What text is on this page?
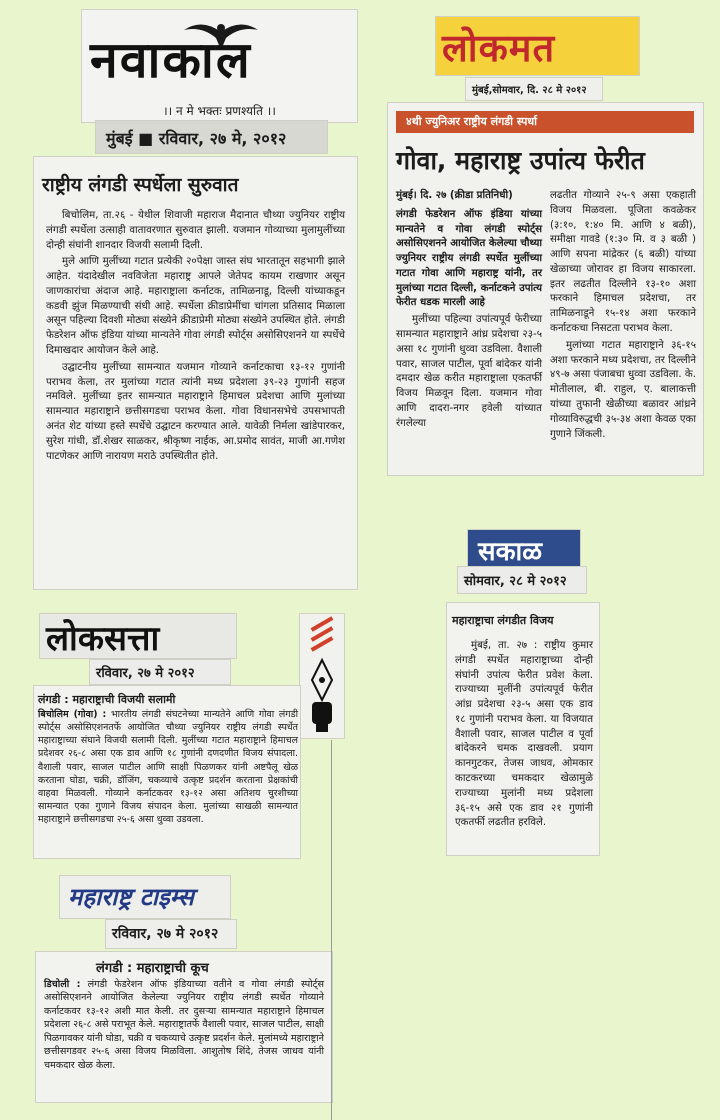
नवाकाल
।। न मे भक्तः प्रणश्यति ।।
मुंबई ■ रविवार, २७ मे, २०१२
राष्ट्रीय लंगडी स्पर्धेला सुरुवात

बिचोलिम, ता.२६ - येथील शिवाजी महाराज मैदानात चौथ्या ज्युनियर राष्ट्रीय लंगडी स्पर्धेला उत्साही वातावरणात सुरुवात झाली. यजमान गोव्याच्या मुलामुलींच्या दोन्ही संघांनी शानदार विजयी सलामी दिली.

मुले आणि मुलींच्या गटात प्रत्येकी २०पेक्षा जास्त संघ भारतातून सहभागी झाले आहेत. यंदादेखील नवविजेता महाराष्ट्र आपले जेतेपद कायम राखणार असून जाणकारांचा अंदाज आहे. महाराष्ट्राला कर्नाटक, तामिळनाडू, दिल्ली यांच्याकडून कडवी झुंज मिळण्याची संधी आहे. स्पर्धेला क्रीडाप्रेमींचा चांगला प्रतिसाद मिळाला असून पहिल्या दिवशी मोठ्या संख्येने क्रीडाप्रेमी मोठ्या संख्येने उपस्थित होते. लंगडी फेडरेशन ऑफ इंडिया यांच्या मान्यतेने गोवा लंगडी स्पोर्ट्स असोसिएशनने या स्पर्धेचे दिमाखदार आयोजन केले आहे.

उद्घाटनीय मुलींच्या सामन्यात यजमान गोव्याने कर्नाटकाचा १३-१२ गुणांनी पराभव केला, तर मुलांच्या गटात त्यांनी मध्य प्रदेशला ३९-२३ गुणांनी सहज नमविले. मुलींच्या इतर सामन्यात महाराष्ट्राने हिमाचल प्रदेशचा आणि मुलांच्या सामन्यात महाराष्ट्राने छत्तीसगडचा पराभव केला. गोवा विधानसभेचे उपसभापती अनंत शेट यांच्या हस्ते स्पर्धेचे उद्घाटन करण्यात आले. यावेळी निर्मला खांडेपारकर, सुरेश गांधी, डॉ.शेखर साळकर, श्रीकृष्ण नाईक, आ.प्रमोद सावंत, माजी आ.गणेश पाटणेकर आणि नारायण मराठे उपस्थितीत होते.

लोकमत
मुंबई,सोमवार, दि. २८ मे २०१२
४थी ज्युनिअर राष्ट्रीय लंगडी स्पर्धा
गोवा, महाराष्ट्र उपांत्य फेरीत

मुंबई। दि. २७ (क्रीडा प्रतिनिधी)

लंगडी फेडरेशन ऑफ इंडिया यांच्या मान्यतेने व गोवा लंगडी स्पोर्ट्स असोसिएशनने आयोजित केलेल्या चौथ्या ज्युनियर राष्ट्रीय लंगडी स्पर्धेत मुलींच्या गटात गोवा आणि महाराष्ट्र यांनी, तर मुलांच्या गटात दिल्ली, कर्नाटकने उपांत्य फेरीत धडक मारली आहे

मुलींच्या पहिल्या उपांत्यपूर्व फेरीच्या सामन्यात महाराष्ट्राने आंध्र प्रदेशचा २३-५ असा १८ गुणांनी धुव्वा उडविला. वैशाली पवार, साजल पाटील, पूर्वा बांदेकर यांनी दमदार खेळ करीत महाराष्ट्राला एकतर्फी विजय मिळवून दिला. यजमान गोवा आणि दादरा-नगर हवेली यांच्यात रंगलेल्या

लढतीत गोव्याने २५-९ असा एकहाती विजय मिळवला. पूजिता कवळेकर (३:१०, १:४० मि. आणि ४ बळी), समीक्षा गावडे (१:३० मि. व ३ बळी ) आणि सपना मांद्रेकर (६ बळी) यांच्या खेळाच्या जोरावर हा विजय साकारला. इतर लढतीत दिल्लीने १३-१० अशा फरकाने हिमाचल प्रदेशचा, तर तामिळनाडूने १५-१४ अशा फरकाने कर्नाटकचा निसटता पराभव केला.

मुलांच्या गटात महाराष्ट्राने ३६-१५ अशा फरकाने मध्य प्रदेशचा, तर दिल्लीने ४९-७ असा पंजाबचा धुव्वा उडविला. के. मोतीलाल, बी. राहुल, ए. बालाकत्ती यांच्या तुफानी खेळीच्या बळावर आंध्रने गोव्याविरुद्धची ३५-३४ अशा केवळ एका गुणाने जिंकली.

सकाळ
सोमवार, २८ मे २०१२
महाराष्ट्राचा लंगडीत विजय

मुंबई, ता. २७ : राष्ट्रीय कुमार लंगडी स्पर्धेत महाराष्ट्राच्या दोन्ही संघांनी उपांत्य फेरीत प्रवेश केला. राज्याच्या मुलींनी उपांत्यपूर्व फेरीत आंध्र प्रदेशचा २३-५ असा एक डाव १८ गुणांनी पराभव केला. या विजयात वैशाली पवार, साजल पाटील व पूर्वा बांदेकरने चमक दाखवली. प्रयाग कानगुटकर, तेजस जाधव, ओमकार काटकरच्या चमकदार खेळामुळे राज्याच्या मुलांनी मध्य प्रदेशला ३६-१५ असे एक डाव २१ गुणांनी एकतर्फी लढतीत हरविले.

लोकसत्ता
रविवार, २७ मे २०१२
लंगडी : महाराष्ट्राची विजयी सलामी

बिचोलिम (गोवा) : भारतीय लंगडी संघटनेच्या मान्यतेने आणि गोवा लंगडी स्पोर्ट्स असोसिएशनतर्फे आयोजित चौथ्या ज्युनियर राष्ट्रीय लंगडी स्पर्धेत महाराष्ट्राच्या संघाने विजयी सलामी दिली. मुलींच्या गटात महाराष्ट्राने हिमाचल प्रदेशवर २६-८ असा एक डाव आणि १८ गुणांनी दणदणीत विजय संपादला. वैशाली पवार, साजल पाटील आणि साक्षी पिळणकर यांनी अष्टपैलू खेळ करताना घोडा, चक्री, डॉजिंग, चकव्याचे उत्कृष्ट प्रदर्शन करताना प्रेक्षकांची वाहवा मिळवली. गोव्याने कर्नाटकवर १३-१२ असा अतिशय चुरशीच्या सामन्यात एका गुणाने विजय संपादन केला. मुलांच्या साखळी सामन्यात महाराष्ट्राने छत्तीसगडचा २५-६ असा धुव्वा उडवला.

महाराष्ट्र टाइम्स
रविवार, २७ मे २०१२
लंगडी : महाराष्ट्राची कूच

डिचोली : लंगडी फेडरेशन ऑफ इंडियाच्या वतीने व गोवा लंगडी स्पोर्ट्स असोसिएशनने आयोजित केलेल्या ज्युनियर राष्ट्रीय लंगडी स्पर्धेत गोव्याने कर्नाटकवर १३-१२ अशी मात केली. तर दुसऱ्या सामन्यात महाराष्ट्राने हिमाचल प्रदेशला २६-८ असे पराभूत केले. महाराष्ट्रातर्फे वैशाली पवार, साजल पाटील, साक्षी पिळगावकर यांनी घोडा, चक्री व चकव्याचे उत्कृष्ट प्रदर्शन केले. मुलांमध्ये महाराष्ट्राने छत्तीसगडवर २५-६ असा विजय मिळविला. आशुतोष शिंदे, तेजस जाधव यांनी चमकदार खेळ केला.
